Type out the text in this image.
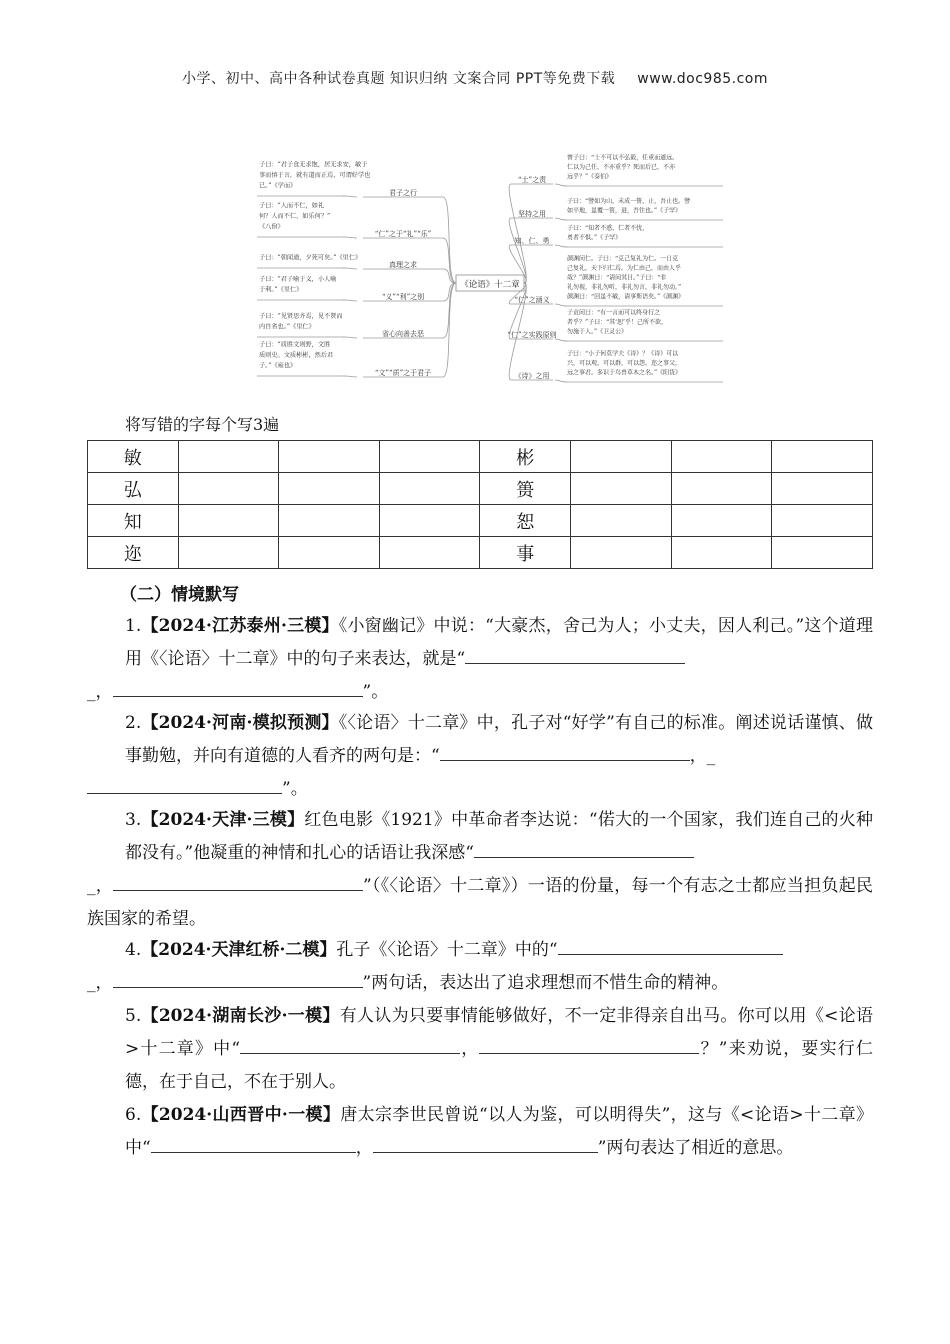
小学、初中、高中各种试卷真题 知识归纳 文案合同 PPT等免费下载 www.doc985.com
《论语》十二章
君子之行
子曰：“君子食无求饱，居无求安，敏于
事而慎于言，就有道而正焉，可谓好学也
已。”《学而》
“仁”之于“礼”“乐”
子曰：“人而不仁，如礼
何？人而不仁，如乐何？”
《八佾》
真理之求
子曰：“朝闻道，夕死可矣。”《里仁》
“义”“利”之别
子曰：“君子喻于义，小人喻
于利。”《里仁》
省心向善去恶
子曰：“见贤思齐焉，见不贤而
内自省也。”《里仁》
“文”“质”之于君子
子曰：“质胜文则野，文胜
质则史。文质彬彬，然后君
子。”《雍也》
“士”之责
曾子曰：“士不可以不弘毅，任重而道远。
仁以为己任，不亦重乎？死而后已，不亦
远乎？”《泰伯》
坚持之用
子曰：“譬如为山，未成一篑，止，吾止也。譬
如平地，虽覆一篑，进，吾往也。”《子罕》
知、仁、勇
子曰：“知者不惑，仁者不忧，
勇者不惧。”《子罕》
“仁”之涵义
颜渊问仁。子曰：“克己复礼为仁。一日克
己复礼，天下归仁焉。为仁由己，而由人乎
哉？”颜渊曰：“请问其目。”子曰：“非
礼勿视，非礼勿听，非礼勿言，非礼勿动。”
颜渊曰：“回虽不敏，请事斯语矣。”《颜渊》
“仁”之实践原则
子贡问曰：“有一言而可以终身行之
者乎？”子曰：“其‘恕’乎！己所不欲，
勿施于人。”《卫灵公》
《诗》之用
子曰：“小子何莫学夫《诗》？《诗》可以
兴，可以观，可以群，可以怨。迩之事父，
远之事君。多识于鸟兽草木之名。”《阳货》
将写错的字每个写3遍
敏				彬			
弘				篑			
知				恕			
迩				事			
（二）情境默写

1.【2024·江苏泰州·三模】《小窗幽记》中说：“大豪杰，舍己为人；小丈夫，因人利己。”这个道理用《〈论语〉十二章》中的句子来表达，就是“

_，	”。

2.【2024·河南·模拟预测】《〈论语〉十二章》中，孔子对“好学”有自己的标准。阐述说话谨慎、做事勤勉，并向有道德的人看齐的两句是：“	，_

”。

3.【2024·天津·三模】红色电影《1921》中革命者李达说：“偌大的一个国家，我们连自己的火种都没有。”他凝重的神情和扎心的话语让我深感“

_，	”（《〈论语〉十二章》）一语的份量，每一个有志之士都应当担负起民族国家的希望。

4.【2024·天津红桥·二模】孔子《〈论语〉十二章》中的“

_，	”两句话，表达出了追求理想而不惜生命的精神。

5.【2024·湖南长沙·一模】有人认为只要事情能够做好，不一定非得亲自出马。你可以用《<论语>十二章》中“	，	？”来劝说，要实行仁德，在于自己，不在于别人。

6.【2024·山西晋中·一模】唐太宗李世民曾说“以人为鉴，可以明得失”，这与《<论语>十二章》中“	，	”两句表达了相近的意思。
